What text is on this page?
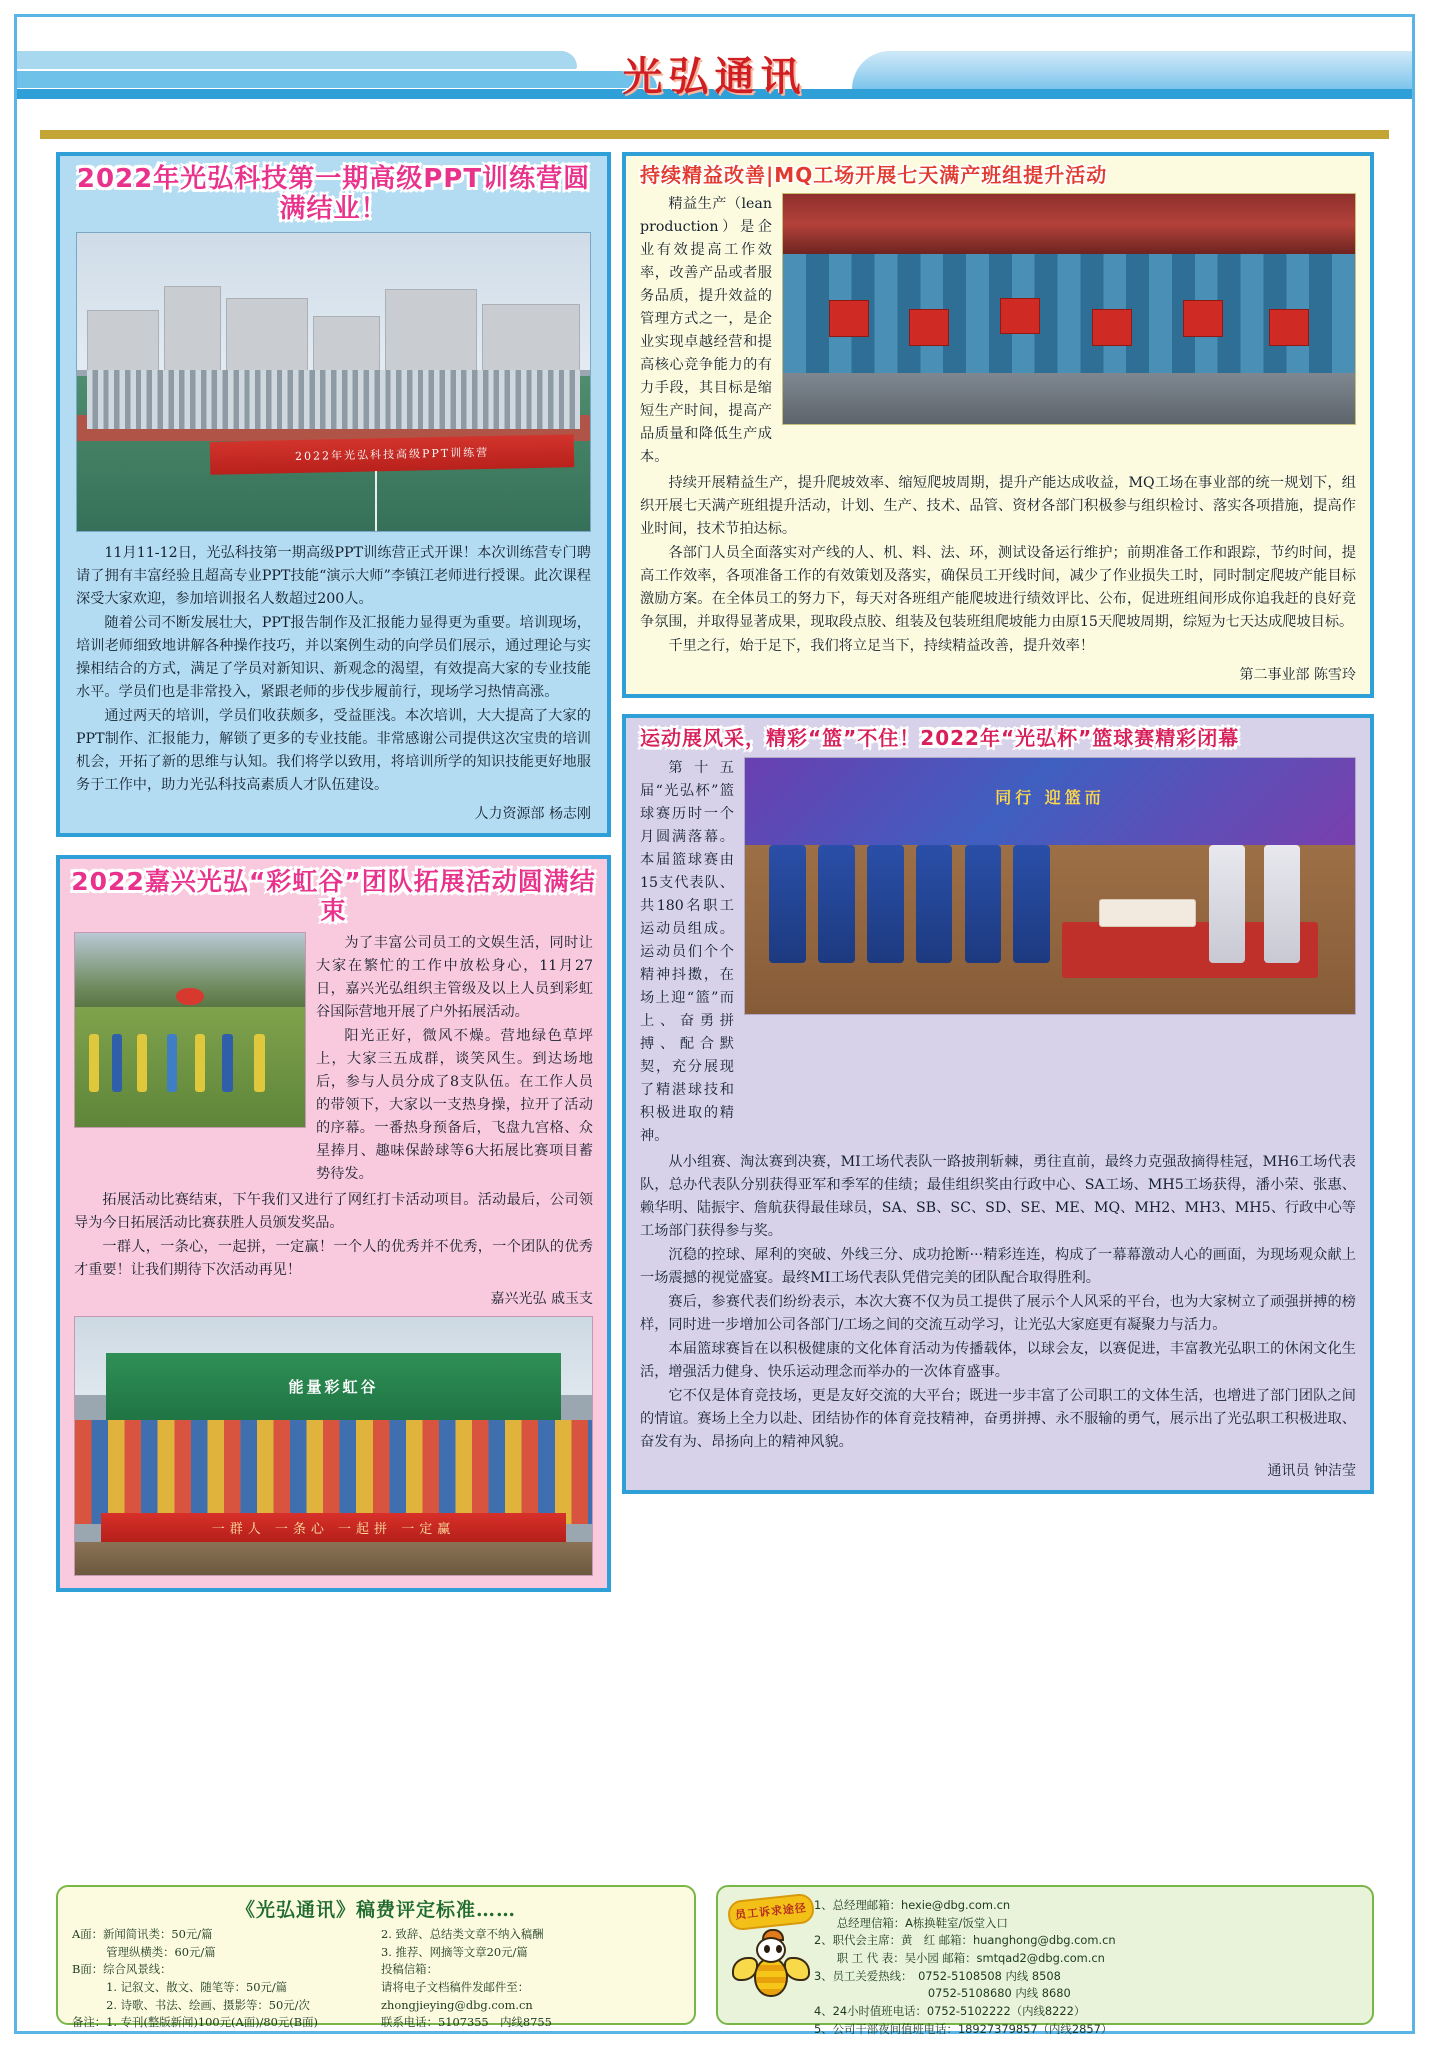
光弘通讯
2022年光弘科技第一期高级PPT训练营圆满结业！
2022年光弘科技高级PPT训练营

11月11-12日，光弘科技第一期高级PPT训练营正式开课！本次训练营专门聘请了拥有丰富经验且超高专业PPT技能“演示大师”李镇江老师进行授课。此次课程深受大家欢迎，参加培训报名人数超过200人。

随着公司不断发展壮大，PPT报告制作及汇报能力显得更为重要。培训现场，培训老师细致地讲解各种操作技巧，并以案例生动的向学员们展示，通过理论与实操相结合的方式，满足了学员对新知识、新观念的渴望，有效提高大家的专业技能水平。学员们也是非常投入，紧跟老师的步伐步履前行，现场学习热情高涨。

通过两天的培训，学员们收获颇多，受益匪浅。本次培训，大大提高了大家的PPT制作、汇报能力，解锁了更多的专业技能。非常感谢公司提供这次宝贵的培训机会，开拓了新的思维与认知。我们将学以致用，将培训所学的知识技能更好地服务于工作中，助力光弘科技高素质人才队伍建设。

人力资源部 杨志刚
2022嘉兴光弘“彩虹谷”团队拓展活动圆满结束

为了丰富公司员工的文娱生活，同时让大家在繁忙的工作中放松身心，11月27日，嘉兴光弘组织主管级及以上人员到彩虹谷国际营地开展了户外拓展活动。

阳光正好，微风不燥。营地绿色草坪上，大家三五成群，谈笑风生。到达场地后，参与人员分成了8支队伍。在工作人员的带领下，大家以一支热身操，拉开了活动的序幕。一番热身预备后，飞盘九宫格、众星捧月、趣味保龄球等6大拓展比赛项目蓄势待发。

拓展活动比赛结束，下午我们又进行了网红打卡活动项目。活动最后，公司领导为今日拓展活动比赛获胜人员颁发奖品。

一群人，一条心，一起拼，一定赢！一个人的优秀并不优秀，一个团队的优秀才重要！让我们期待下次活动再见！

嘉兴光弘 戚玉支
能量彩虹谷
一群人 一条心 一起拼 一定赢
持续精益改善|MQ工场开展七天满产班组提升活动

精益生产（lean production）是企业有效提高工作效率，改善产品或者服务品质，提升效益的管理方式之一，是企业实现卓越经营和提高核心竞争能力的有力手段，其目标是缩短生产时间，提高产品质量和降低生产成本。

持续开展精益生产，提升爬坡效率、缩短爬坡周期，提升产能达成收益，MQ工场在事业部的统一规划下，组织开展七天满产班组提升活动，计划、生产、技术、品管、资材各部门积极参与组织检讨、落实各项措施，提高作业时间，技术节拍达标。

各部门人员全面落实对产线的人、机、料、法、环，测试设备运行维护；前期准备工作和跟踪，节约时间，提高工作效率，各项准备工作的有效策划及落实，确保员工开线时间，减少了作业损失工时，同时制定爬坡产能目标激励方案。在全体员工的努力下，每天对各班组产能爬坡进行绩效评比、公布，促进班组间形成你追我赶的良好竞争氛围，并取得显著成果，现取段点胶、组装及包装班组爬坡能力由原15天爬坡周期，综短为七天达成爬坡目标。

千里之行，始于足下，我们将立足当下，持续精益改善，提升效率！

第二事业部 陈雪玲
运动展风采，精彩“篮”不住！2022年“光弘杯”篮球赛精彩闭幕

第十五届“光弘杯”篮球赛历时一个月圆满落幕。本届篮球赛由15支代表队、共180名职工运动员组成。运动员们个个精神抖擞，在场上迎“篮”而上、奋勇拼搏、配合默契，充分展现了精湛球技和积极进取的精神。

同行 迎篮而

从小组赛、淘汰赛到决赛，MI工场代表队一路披荆斩棘，勇往直前，最终力克强敌摘得桂冠，MH6工场代表队，总办代表队分别获得亚军和季军的佳绩；最佳组织奖由行政中心、SA工场、MH5工场获得，潘小荣、张惠、赖华明、陆振宇、詹航获得最佳球员，SA、SB、SC、SD、SE、ME、MQ、MH2、MH3、MH5、行政中心等工场部门获得参与奖。

沉稳的控球、犀利的突破、外线三分、成功抢断···精彩连连，构成了一幕幕激动人心的画面，为现场观众献上一场震撼的视觉盛宴。最终MI工场代表队凭借完美的团队配合取得胜利。

赛后，参赛代表们纷纷表示，本次大赛不仅为员工提供了展示个人风采的平台，也为大家树立了顽强拼搏的榜样，同时进一步增加公司各部门/工场之间的交流互动学习，让光弘大家庭更有凝聚力与活力。

本届篮球赛旨在以积极健康的文化体育活动为传播载体，以球会友，以赛促进，丰富教光弘职工的休闲文化生活，增强活力健身、快乐运动理念而举办的一次体育盛事。

它不仅是体育竞技场，更是友好交流的大平台；既进一步丰富了公司职工的文体生活，也增进了部门团队之间的情谊。赛场上全力以赴、团结协作的体育竞技精神，奋勇拼搏、永不服输的勇气，展示出了光弘职工积极进取、奋发有为、昂扬向上的精神风貌。

通讯员 钟洁莹
《光弘通讯》稿费评定标准……
A面：新闻简讯类：50元/篇
　　　管理纵横类：60元/篇
B面：综合风景线：
　　　1. 记叙文、散文、随笔等：50元/篇
　　　2. 诗歌、书法、绘画、摄影等：50元/次
备注：1. 专刊(整版新闻)100元(A面)/80元(B面)
2. 致辞、总结类文章不纳入稿酬
3. 推荐、网摘等文章20元/篇
投稿信箱：
请将电子文档稿件发邮件至：
zhongjieying@dbg.com.cn
联系电话：5107355　内线8755
员工诉求途径 1、总经理邮箱：hexie@dbg.com.cn
　　总经理信箱：A栋换鞋室/饭堂入口
2、职代会主席：黄　红 邮箱：huanghong@dbg.com.cn
　　职 工 代 表：吴小园 邮箱：smtqad2@dbg.com.cn
3、员工关爱热线：　0752-5108508 内线 8508
　　　　　　　　　　0752-5108680 内线 8680
4、24小时值班电话：0752-5102222（内线8222）
5、公司干部夜间值班电话：18927379857（内线2857）
